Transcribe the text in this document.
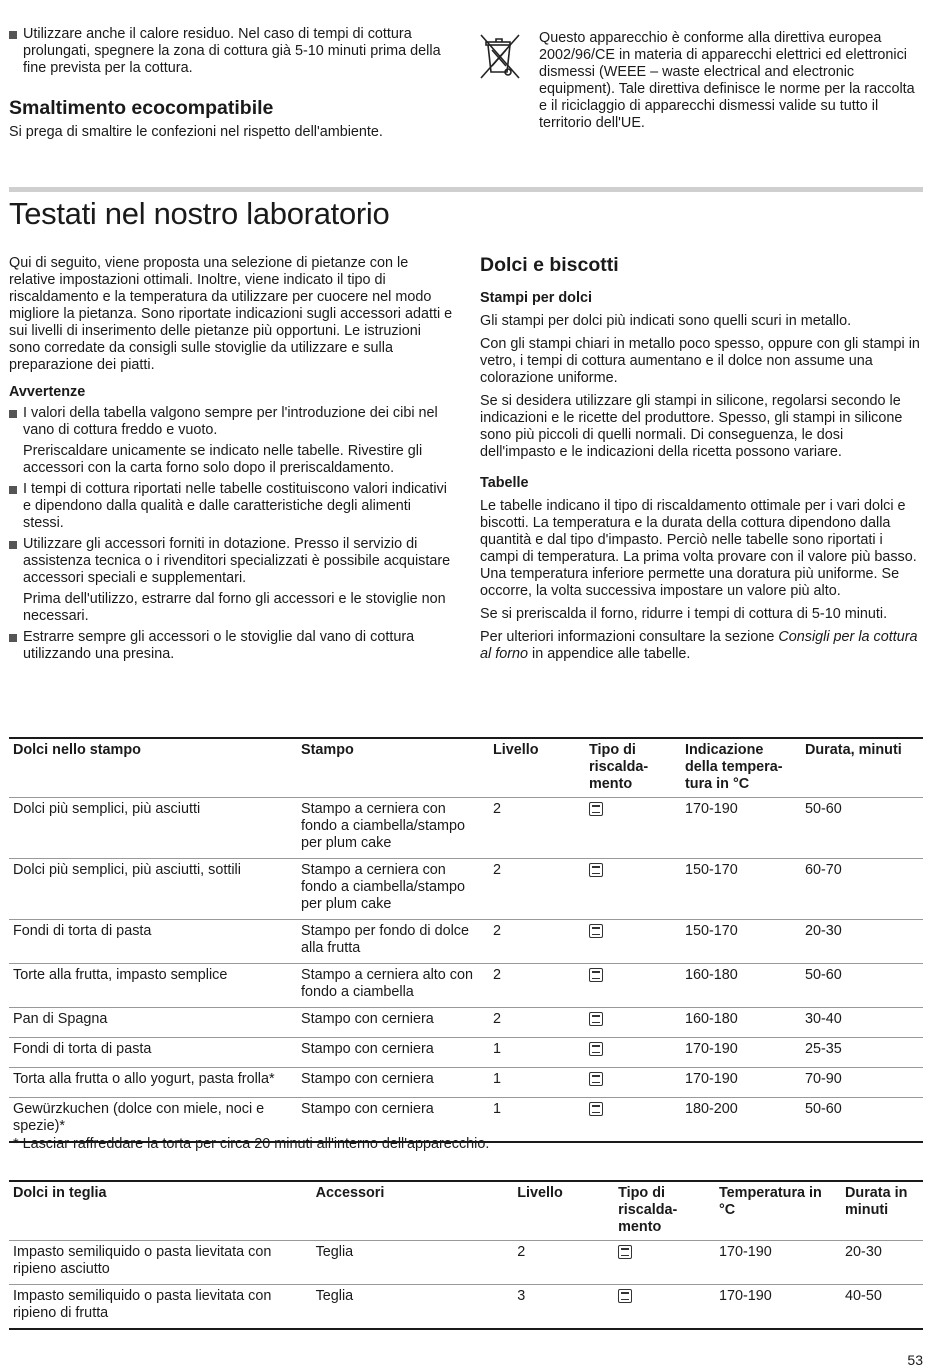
Utilizzare anche il calore residuo. Nel caso di tempi di cottura prolungati, spegnere la zona di cottura già 5-10 minuti prima della fine prevista per la cottura.

Smaltimento ecocompatibile

Si prega di smaltire le confezioni nel rispetto dell'ambiente.

Questo apparecchio è conforme alla direttiva europea 2002/96/CE in materia di apparecchi elettrici ed elettronici dismessi (WEEE – waste electrical and electronic equipment). Tale direttiva definisce le norme per la raccolta e il riciclaggio di apparecchi dismessi valide su tutto il territorio dell'UE.
Testati nel nostro laboratorio

Qui di seguito, viene proposta una selezione di pietanze con le relative impostazioni ottimali. Inoltre, viene indicato il tipo di riscaldamento e la temperatura da utilizzare per cuocere nel modo migliore la pietanza. Sono riportate indicazioni sugli accessori adatti e sui livelli di inserimento delle pietanze più opportuni. Le istruzioni sono corredate da consigli sulle stoviglie da utilizzare e sulla preparazione dei piatti.

Avvertenze

I valori della tabella valgono sempre per l'introduzione dei cibi nel vano di cottura freddo e vuoto.

Preriscaldare unicamente se indicato nelle tabelle. Rivestire gli accessori con la carta forno solo dopo il preriscaldamento.

I tempi di cottura riportati nelle tabelle costituiscono valori indicativi e dipendono dalla qualità e dalle caratteristiche degli alimenti stessi.

Utilizzare gli accessori forniti in dotazione. Presso il servizio di assistenza tecnica o i rivenditori specializzati è possibile acquistare accessori speciali e supplementari.

Prima dell'utilizzo, estrarre dal forno gli accessori e le stoviglie non necessari.

Estrarre sempre gli accessori o le stoviglie dal vano di cottura utilizzando una presina.

Dolci e biscotti
Stampi per dolci

Gli stampi per dolci più indicati sono quelli scuri in metallo.

Con gli stampi chiari in metallo poco spesso, oppure con gli stampi in vetro, i tempi di cottura aumentano e il dolce non assume una colorazione uniforme.

Se si desidera utilizzare gli stampi in silicone, regolarsi secondo le indicazioni e le ricette del produttore. Spesso, gli stampi in silicone sono più piccoli di quelli normali. Di conseguenza, le dosi dell'impasto e le indicazioni della ricetta possono variare.

Tabelle

Le tabelle indicano il tipo di riscaldamento ottimale per i vari dolci e biscotti. La temperatura e la durata della cottura dipendono dalla quantità e dal tipo d'impasto. Perciò nelle tabelle sono riportati i campi di temperatura. La prima volta provare con il valore più basso. Una temperatura inferiore permette una doratura più uniforme. Se occorre, la volta successiva impostare un valore più alto.

Se si preriscalda il forno, ridurre i tempi di cottura di 5-10 minuti.

Per ulteriori informazioni consultare la sezione Consigli per la cottura al forno in appendice alle tabelle.

Dolci nello stampo	Stampo	Livello	Tipo di riscalda-mento	Indicazione della tempera-tura in °C	Durata, minuti
Dolci più semplici, più asciutti	Stampo a cerniera con fondo a ciambella/stampo per plum cake	2		170-190	50-60
Dolci più semplici, più asciutti, sottili	Stampo a cerniera con fondo a ciambella/stampo per plum cake	2		150-170	60-70
Fondi di torta di pasta	Stampo per fondo di dolce alla frutta	2		150-170	20-30
Torte alla frutta, impasto semplice	Stampo a cerniera alto con fondo a ciambella	2		160-180	50-60
Pan di Spagna	Stampo con cerniera	2		160-180	30-40
Fondi di torta di pasta	Stampo con cerniera	1		170-190	25-35
Torta alla frutta o allo yogurt, pasta frolla*	Stampo con cerniera	1		170-190	70-90
Gewürzkuchen (dolce con miele, noci e spezie)*	Stampo con cerniera	1		180-200	50-60
* Lasciar raffreddare la torta per circa 20 minuti all'interno dell'apparecchio.
Dolci in teglia	Accessori	Livello	Tipo di riscalda-mento	Temperatura in °C	Durata in minuti
Impasto semiliquido o pasta lievitata con ripieno asciutto	Teglia	2		170-190	20-30
Impasto semiliquido o pasta lievitata con ripieno di frutta	Teglia	3		170-190	40-50
53
